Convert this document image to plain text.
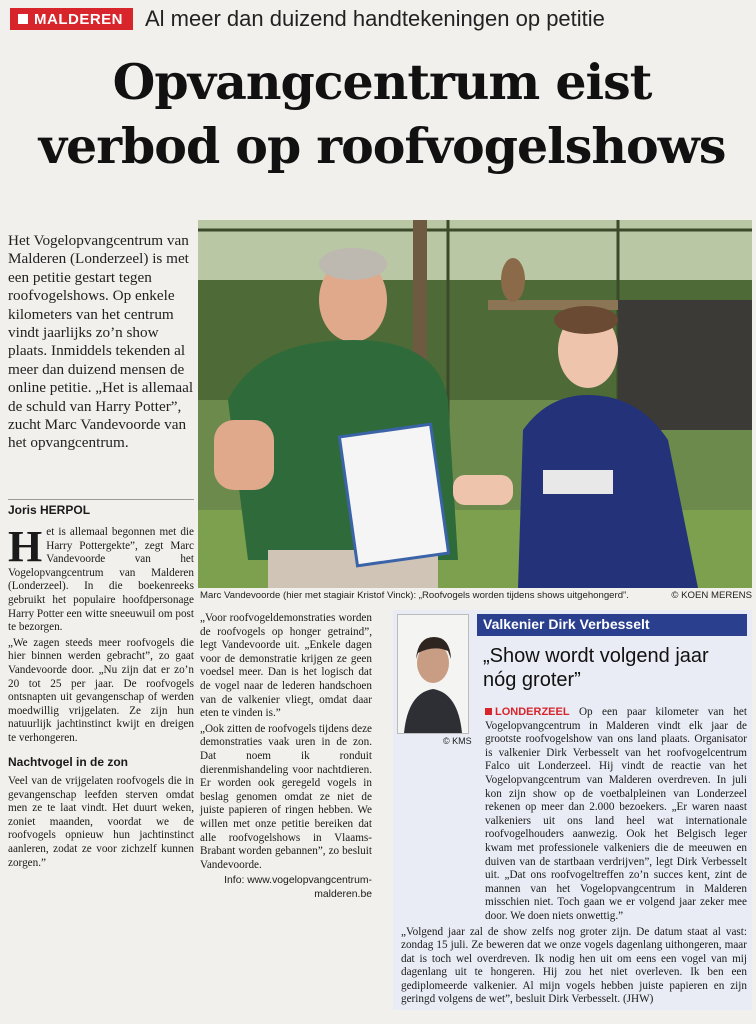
MALDEREN Al meer dan duizend handtekeningen op petitie
Opvangcentrum eist
verbod op roofvogelshows
Het Vogelopvangcentrum van Malderen (Londerzeel) is met een petitie gestart tegen roofvogelshows. Op enkele kilometers van het centrum vindt jaarlijks zo’n show plaats. Inmiddels tekenden al meer dan duizend mensen de online petitie. „Het is allemaal de schuld van Harry Potter”, zucht Marc Vandevoorde van het opvangcentrum.
Joris HERPOL
Marc Vandevoorde (hier met stagiair Kristof Vinck): „Roofvogels worden tijdens shows uitgehongerd”.	© KOEN MERENS

Het is allemaal begonnen met die Harry Pottergekte”, zegt Marc Vandevoorde van het Vogelopvangcentrum van Malderen (Londerzeel). In die boekenreeks gebruikt het populaire hoofdpersonage Harry Potter een witte sneeuwuil om post te bezorgen.

„We zagen steeds meer roofvogels die hier binnen werden gebracht”, zo gaat Vandevoorde door. „Nu zijn dat er zo’n 20 tot 25 per jaar. De roofvogels ontsnapten uit gevangenschap of werden moedwillig vrijgelaten. Ze zijn hun natuurlijk jachtinstinct kwijt en dreigen te verhongeren.

Nachtvogel in de zon

Veel van de vrijgelaten roofvogels die in gevangenschap leefden sterven omdat men ze te laat vindt. Het duurt weken, zoniet maanden, voordat we de roofvogels opnieuw hun jachtinstinct aanleren, zodat ze voor zichzelf kunnen zorgen.”

„Voor roofvogeldemonstraties worden de roofvogels op honger getraind”, legt Vandevoorde uit. „Enkele dagen voor de demonstratie krijgen ze geen voedsel meer. Dan is het logisch dat de vogel naar de lederen handschoen van de valkenier vliegt, omdat daar eten te vinden is.”

„Ook zitten de roofvogels tijdens deze demonstraties vaak uren in de zon. Dat noem ik ronduit dierenmishandeling voor nachtdieren. Er worden ook geregeld vogels in beslag genomen omdat ze niet de juiste papieren of ringen hebben. We willen met onze petitie bereiken dat alle roofvogelshows in Vlaams-Brabant worden gebannen”, zo besluit Vandevoorde.

Info: www.vogelopvangcentrum-malderen.be
© KMS
Valkenier Dirk Verbesselt
„Show wordt volgend jaar nóg groter”

LONDERZEEL Op een paar kilometer van het Vogelopvangcentrum in Malderen vindt elk jaar de grootste roofvogelshow van ons land plaats. Organisator is valkenier Dirk Verbesselt van het roofvogelcentrum Falco uit Londerzeel. Hij vindt de reactie van het Vogelopvangcentrum van Malderen overdreven. In juli kon zijn show op de voetbalpleinen van Londerzeel rekenen op meer dan 2.000 bezoekers. „Er waren naast valkeniers uit ons land heel wat internationale roofvogelhouders aanwezig. Ook het Belgisch leger kwam met professionele valkeniers die de meeuwen en duiven van de startbaan verdrijven”, legt Dirk Verbesselt uit. „Dat ons roofvogeltreffen zo’n succes kent, zint de mannen van het Vogelopvangcentrum in Malderen misschien niet. Toch gaan we er volgend jaar zeker mee door. We doen niets onwettig.”

„Volgend jaar zal de show zelfs nog groter zijn. De datum staat al vast: zondag 15 juli. Ze beweren dat we onze vogels dagenlang uithongeren, maar dat is toch wel overdreven. Ik nodig hen uit om eens een vogel van mij dagenlang uit te hongeren. Hij zou het niet overleven. Ik ben een gediplomeerde valkenier. Al mijn vogels hebben juiste papieren en zijn geringd volgens de wet”, besluit Dirk Verbesselt. (JHW)
